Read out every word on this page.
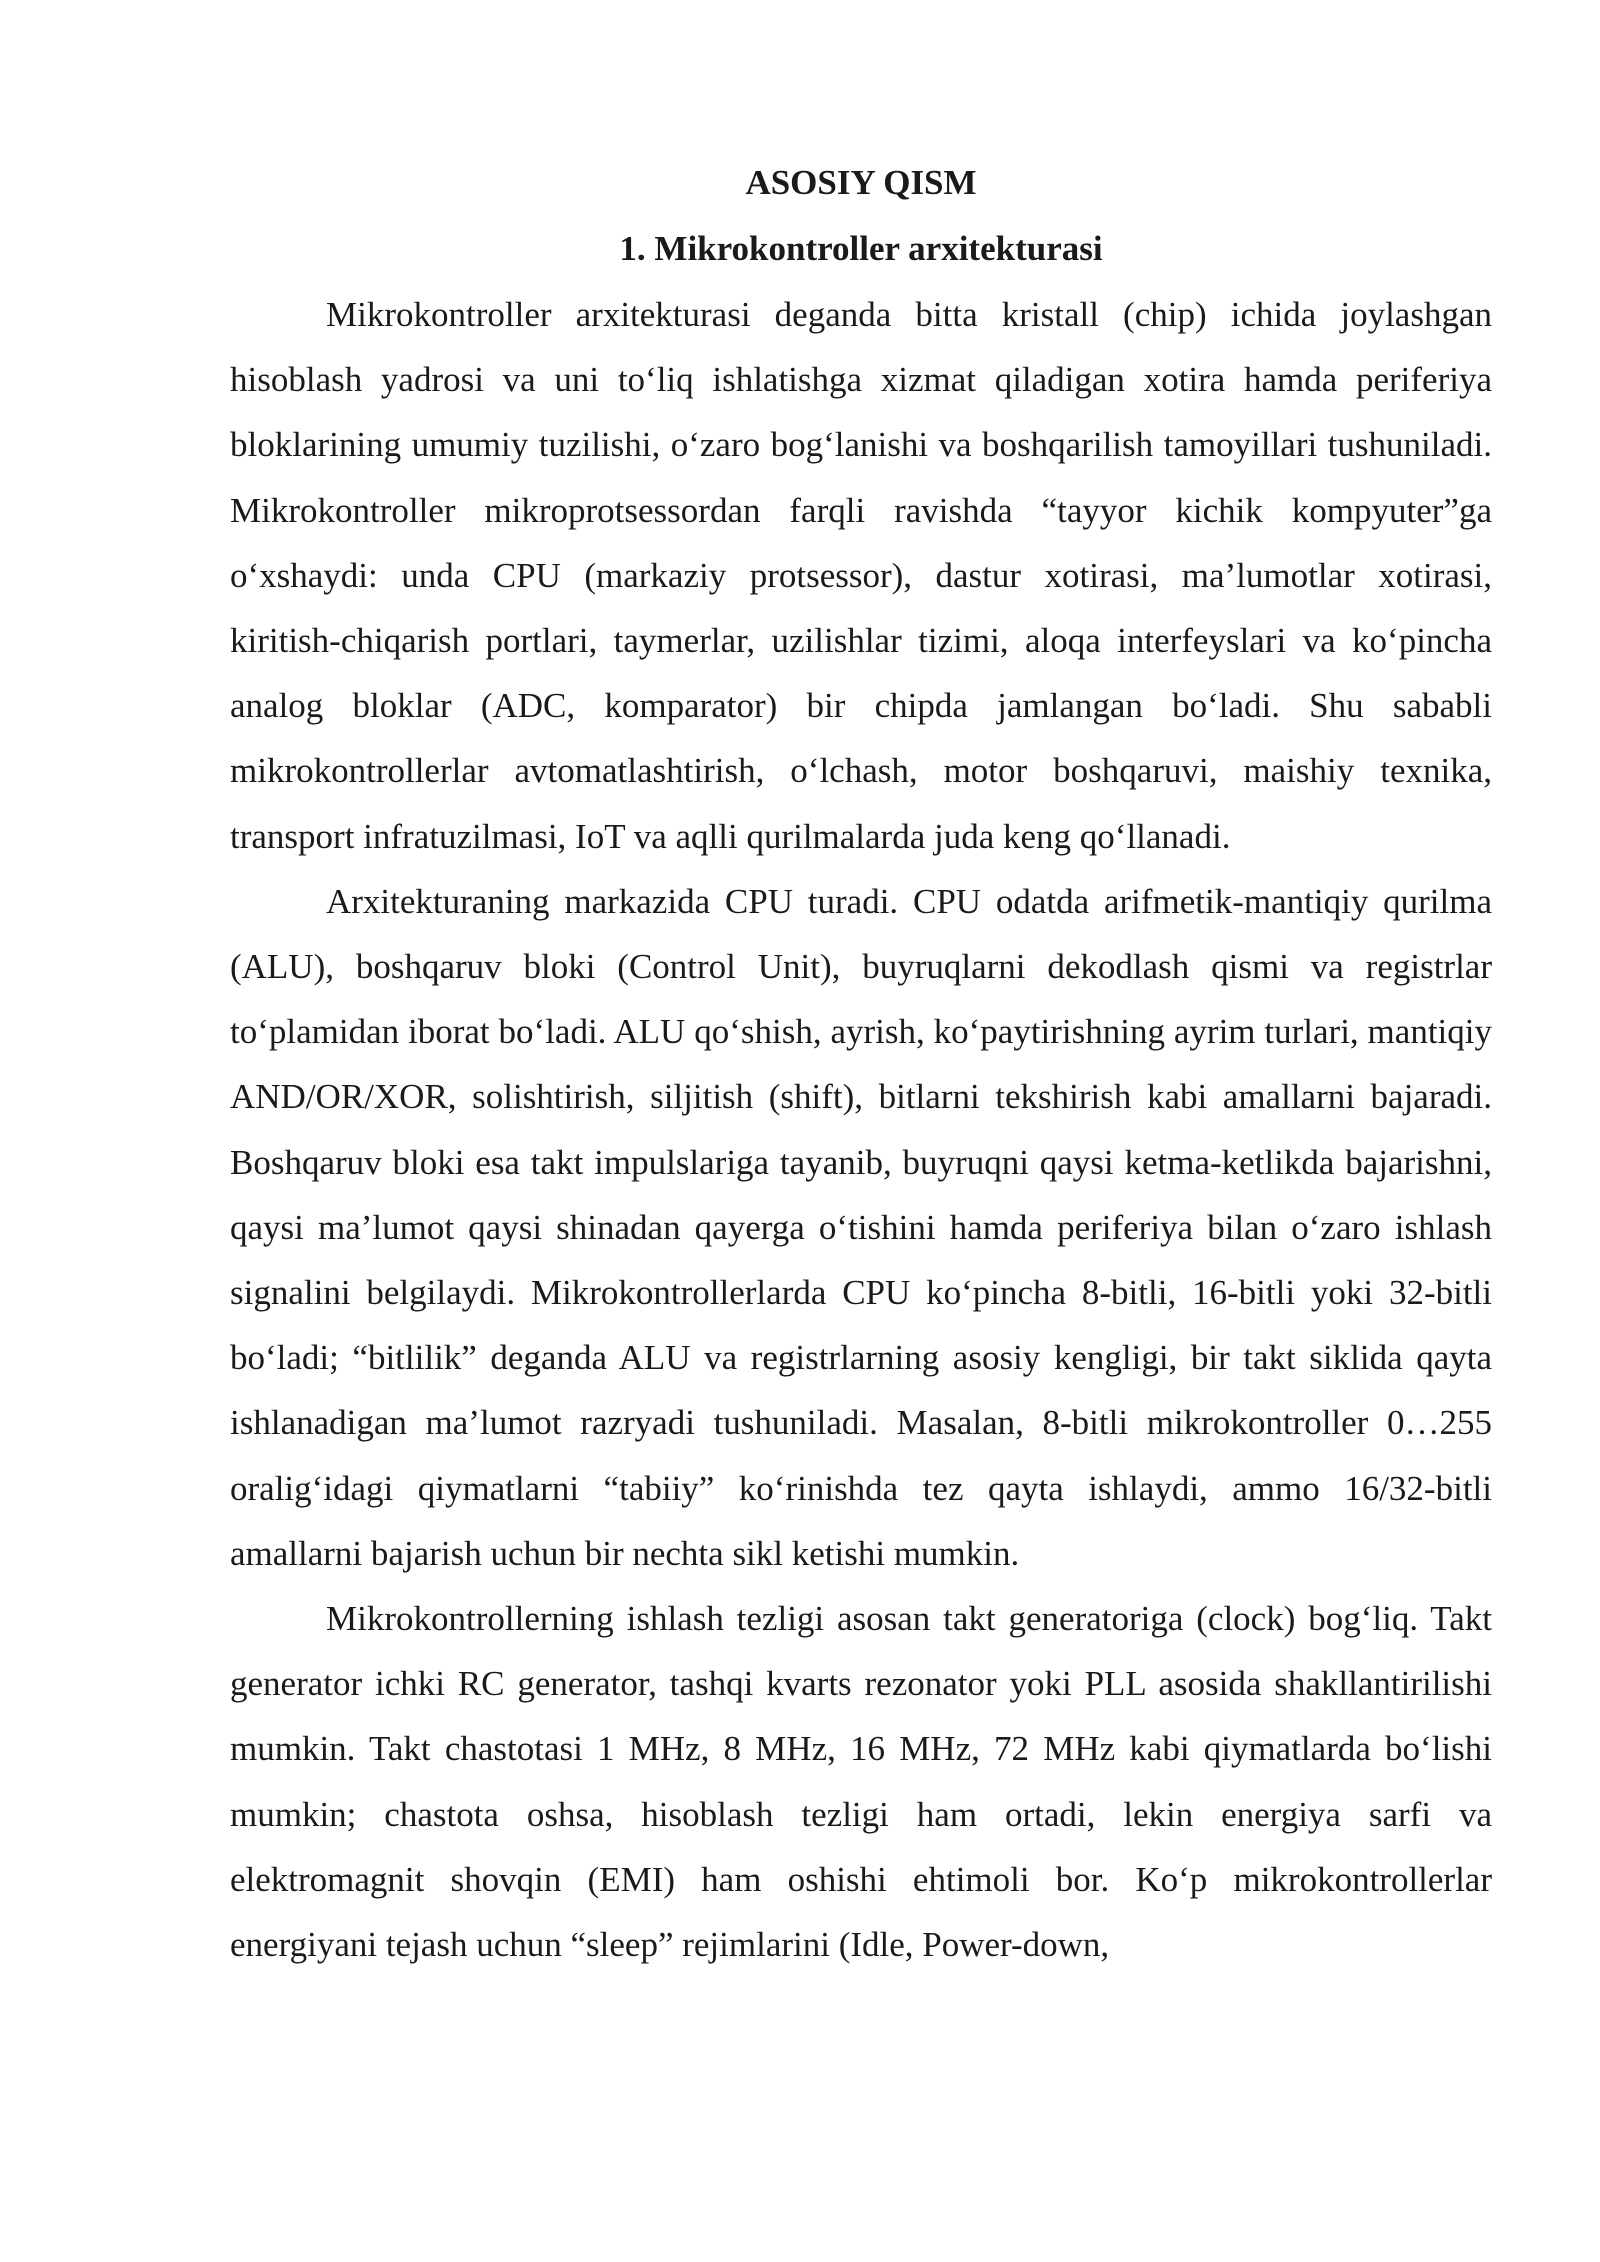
ASOSIY QISM
1. Mikrokontroller arxitekturasi

Mikrokontroller arxitekturasi deganda bitta kristall (chip) ichida joylashgan hisoblash yadrosi va uni to‘liq ishlatishga xizmat qiladigan xotira hamda periferiya bloklarining umumiy tuzilishi, o‘zaro bog‘lanishi va boshqarilish tamoyillari tushuniladi. Mikrokontroller mikroprotsessordan farqli ravishda “tayyor kichik kompyuter”ga o‘xshaydi: unda CPU (markaziy protsessor), dastur xotirasi, ma’lumotlar xotirasi, kiritish-chiqarish portlari, taymerlar, uzilishlar tizimi, aloqa interfeyslari va ko‘pincha analog bloklar (ADC, komparator) bir chipda jamlangan bo‘ladi. Shu sababli mikrokontrollerlar avtomatlashtirish, o‘lchash, motor boshqaruvi, maishiy texnika, transport infratuzilmasi, IoT va aqlli qurilmalarda juda keng qo‘llanadi.

Arxitekturaning markazida CPU turadi. CPU odatda arifmetik-mantiqiy qurilma (ALU), boshqaruv bloki (Control Unit), buyruqlarni dekodlash qismi va registrlar to‘plamidan iborat bo‘ladi. ALU qo‘shish, ayrish, ko‘paytirishning ayrim turlari, mantiqiy AND/OR/XOR, solishtirish, siljitish (shift), bitlarni tekshirish kabi amallarni bajaradi. Boshqaruv bloki esa takt impulslariga tayanib, buyruqni qaysi ketma-ketlikda bajarishni, qaysi ma’lumot qaysi shinadan qayerga o‘tishini hamda periferiya bilan o‘zaro ishlash signalini belgilaydi. Mikrokontrollerlarda CPU ko‘pincha 8-bitli, 16-bitli yoki 32-bitli bo‘ladi; “bitlilik” deganda ALU va registrlarning asosiy kengligi, bir takt siklida qayta ishlanadigan ma’lumot razryadi tushuniladi. Masalan, 8-bitli mikrokontroller 0…255 oralig‘idagi qiymatlarni “tabiiy” ko‘rinishda tez qayta ishlaydi, ammo 16/32-bitli amallarni bajarish uchun bir nechta sikl ketishi mumkin.

Mikrokontrollerning ishlash tezligi asosan takt generatoriga (clock) bog‘liq. Takt generator ichki RC generator, tashqi kvarts rezonator yoki PLL asosida shakllantirilishi mumkin. Takt chastotasi 1 MHz, 8 MHz, 16 MHz, 72 MHz kabi qiymatlarda bo‘lishi mumkin; chastota oshsa, hisoblash tezligi ham ortadi, lekin energiya sarfi va elektromagnit shovqin (EMI) ham oshishi ehtimoli bor. Ko‘p mikrokontrollerlar energiyani tejash uchun “sleep” rejimlarini (Idle, Power-down,
